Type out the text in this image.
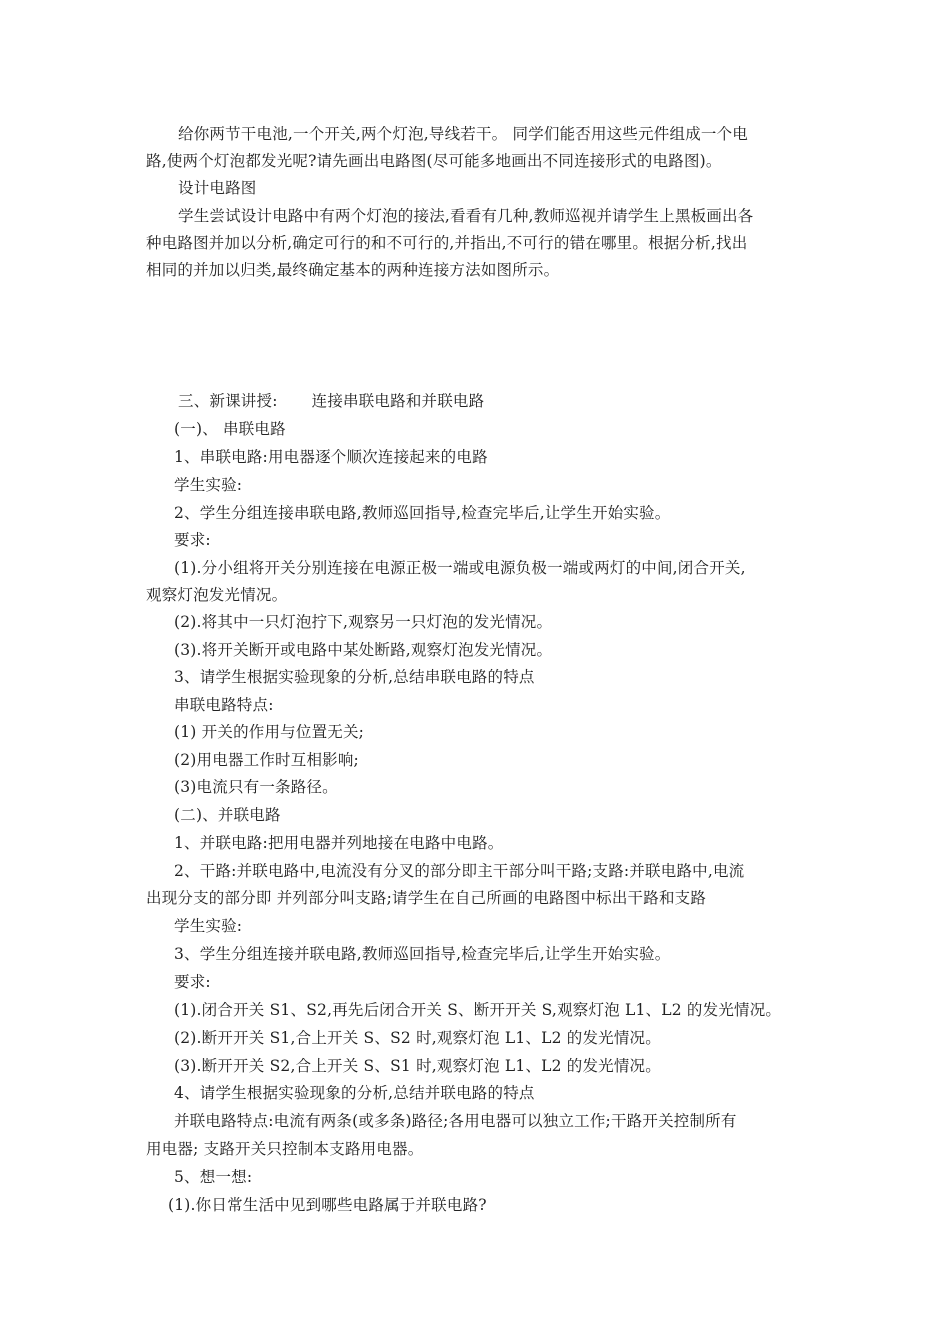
给你两节干电池,一个开关,两个灯泡,导线若干。 同学们能否用这些元件组成一个电
路,使两个灯泡都发光呢?请先画出电路图(尽可能多地画出不同连接形式的电路图)。
设计电路图
学生尝试设计电路中有两个灯泡的接法,看看有几种,教师巡视并请学生上黑板画出各
种电路图并加以分析,确定可行的和不可行的,并指出,不可行的错在哪里。根据分析,找出
相同的并加以归类,最终确定基本的两种连接方法如图所示。
三、新课讲授: 连接串联电路和并联电路
(一)、 串联电路
1、串联电路:用电器逐个顺次连接起来的电路
学生实验:
2、学生分组连接串联电路,教师巡回指导,检查完毕后,让学生开始实验。
要求:
(1).分小组将开关分别连接在电源正极一端或电源负极一端或两灯的中间,闭合开关,
观察灯泡发光情况。
(2).将其中一只灯泡拧下,观察另一只灯泡的发光情况。
(3).将开关断开或电路中某处断路,观察灯泡发光情况。
3、请学生根据实验现象的分析,总结串联电路的特点
串联电路特点:
(1) 开关的作用与位置无关;
(2)用电器工作时互相影响;
(3)电流只有一条路径。
(二)、并联电路
1、并联电路:把用电器并列地接在电路中电路。
2、干路:并联电路中,电流没有分叉的部分即主干部分叫干路;支路:并联电路中,电流
出现分支的部分即 并列部分叫支路;请学生在自己所画的电路图中标出干路和支路
学生实验:
3、学生分组连接并联电路,教师巡回指导,检查完毕后,让学生开始实验。
要求:
(1).闭合开关 S1、S2,再先后闭合开关 S、断开开关 S,观察灯泡 L1、L2 的发光情况。
(2).断开开关 S1,合上开关 S、S2 时,观察灯泡 L1、L2 的发光情况。
(3).断开开关 S2,合上开关 S、S1 时,观察灯泡 L1、L2 的发光情况。
4、请学生根据实验现象的分析,总结并联电路的特点
并联电路特点:电流有两条(或多条)路径;各用电器可以独立工作;干路开关控制所有
用电器; 支路开关只控制本支路用电器。
5、想一想:
(1).你日常生活中见到哪些电路属于并联电路?
